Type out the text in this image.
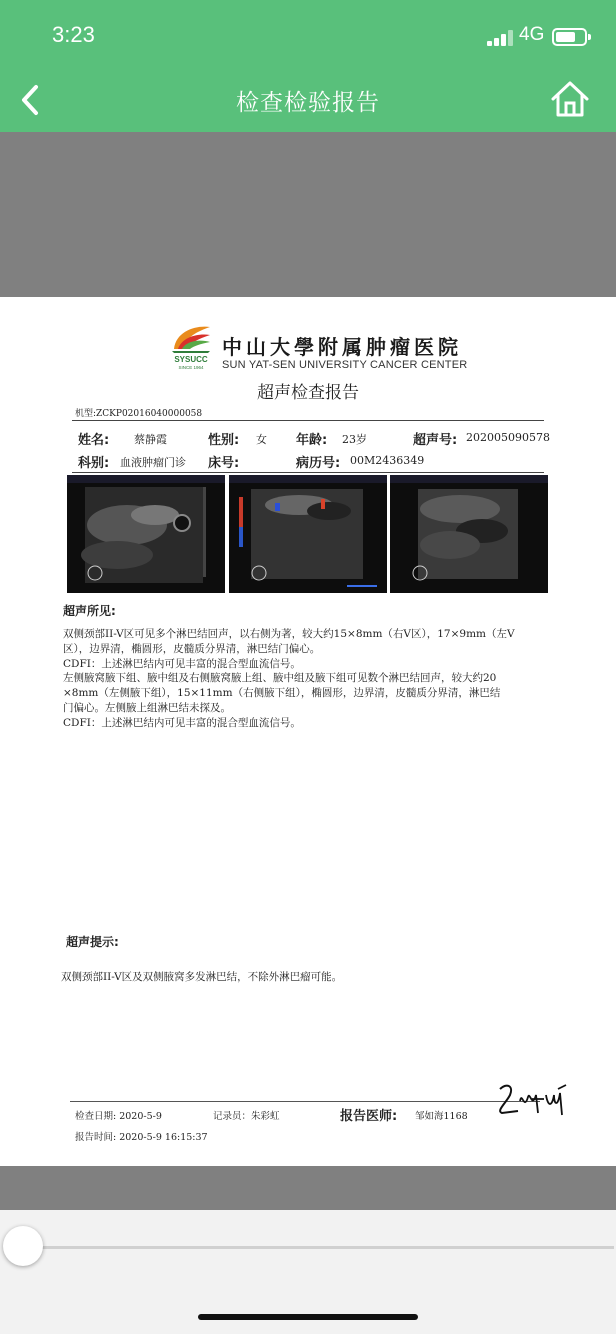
3:23	4G
检查检验报告
SYSUCC
SINCE 1964
中山大學附属肿瘤医院
SUN YAT-SEN UNIVERSITY CANCER CENTER
超声检查报告
机型:ZCKP02016040000058
姓名: 蔡静霞	性别: 女 年龄: 23岁	超声号: 202005090578
科别: 血液肿瘤门诊 床号:	病历号: 00M2436349
超声所见:
双侧颈部II-V区可见多个淋巴结回声，以右侧为著，较大约15×8mm（右V区），17×9mm（左V
区），边界清，椭圆形，皮髓质分界清，淋巴结门偏心。
CDFI：上述淋巴结内可见丰富的混合型血流信号。
左侧腋窝腋下组、腋中组及右侧腋窝腋上组、腋中组及腋下组可见数个淋巴结回声，较大约20
×8mm（左侧腋下组），15×11mm（右侧腋下组），椭圆形，边界清，皮髓质分界清，淋巴结
门偏心。左侧腋上组淋巴结未探及。
CDFI：上述淋巴结内可见丰富的混合型血流信号。
超声提示:
双侧颈部II-V区及双侧腋窝多发淋巴结，不除外淋巴瘤可能。
检查日期: 2020-5-9	记录员：朱彩虹	报告医师: 邹如海1168
报告时间: 2020-5-9 16:15:37
